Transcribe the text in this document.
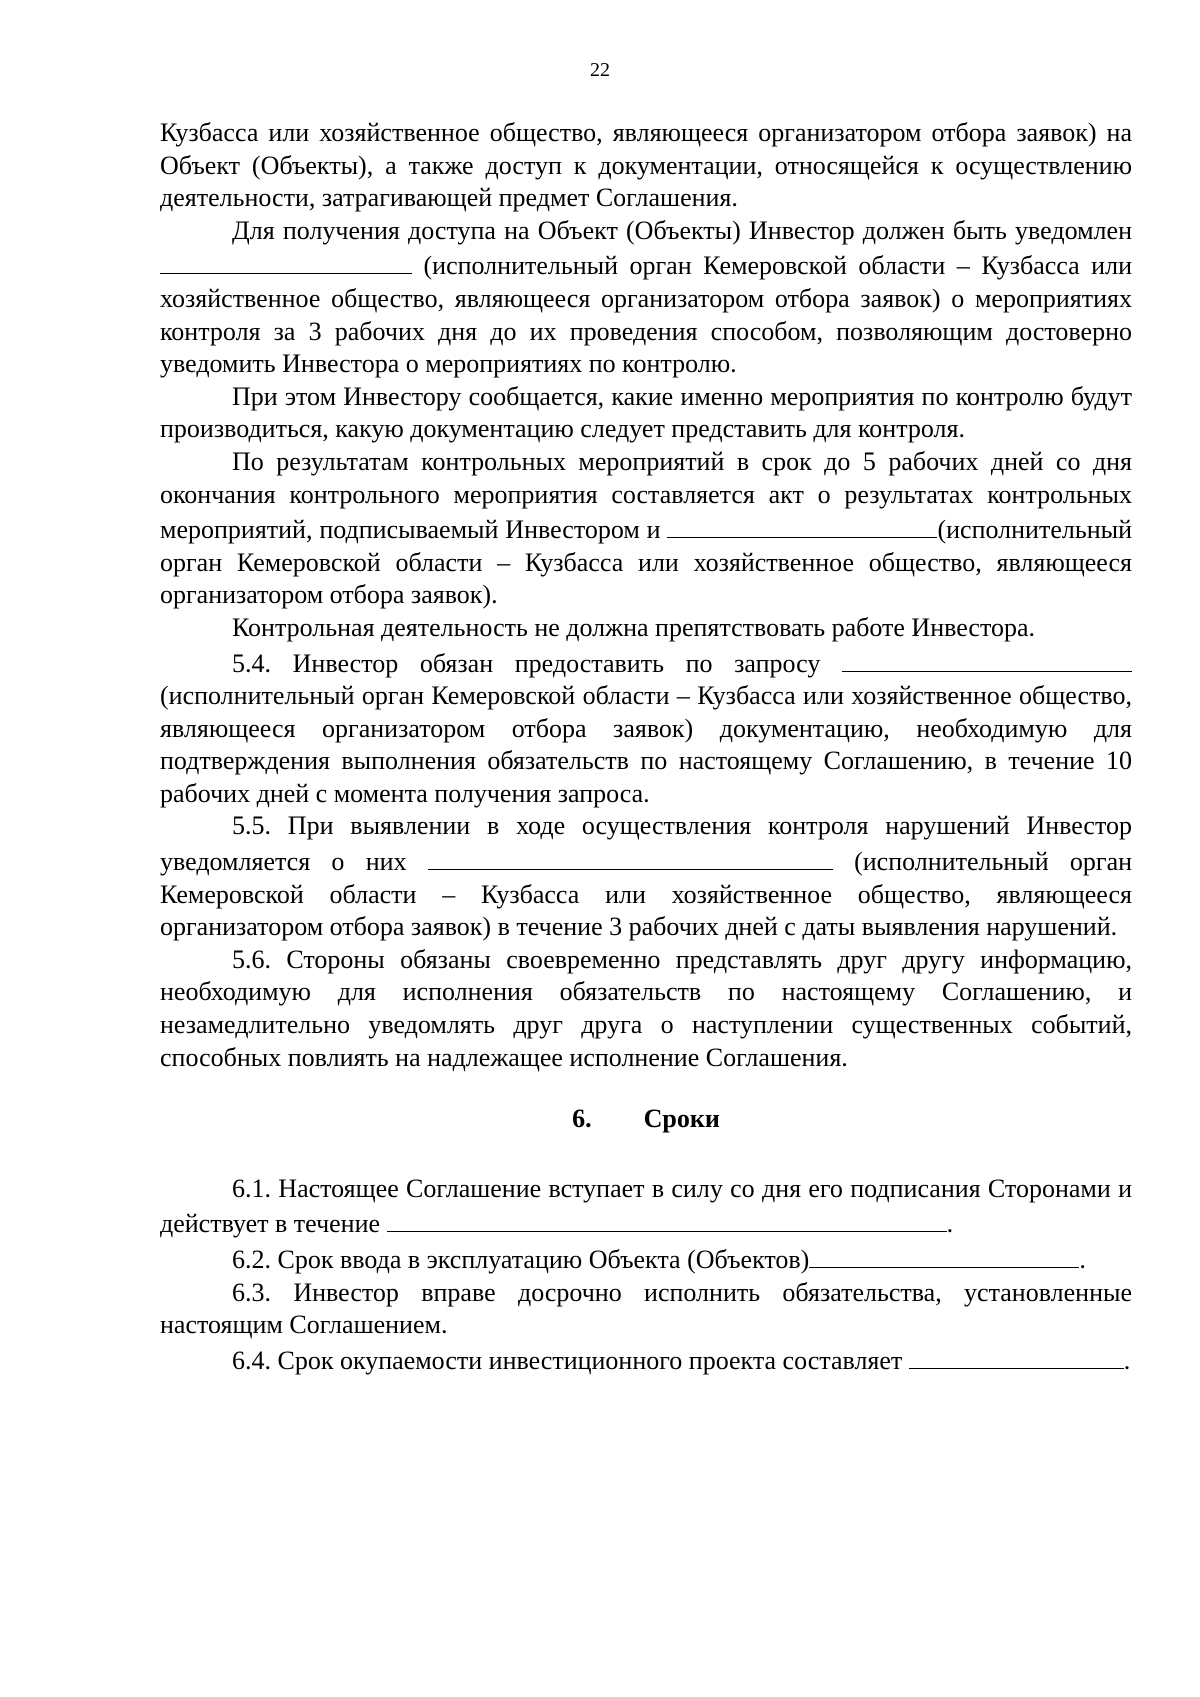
22

Кузбасса или хозяйственное общество, являющееся организатором отбора заявок) на Объект (Объекты), а также доступ к документации, относящейся к осуществлению деятельности, затрагивающей предмет Соглашения.

Для получения доступа на Объект (Объекты) Инвестор должен быть уведомлен  (исполнительный орган Кемеровской области – Кузбасса или хозяйственное общество, являющееся организатором отбора заявок) о мероприятиях контроля за 3 рабочих дня до их проведения способом, позволяющим достоверно уведомить Инвестора о мероприятиях по контролю.

При этом Инвестору сообщается, какие именно мероприятия по контролю будут производиться, какую документацию следует представить для контроля.

По результатам контрольных мероприятий в срок до 5 рабочих дней со дня окончания контрольного мероприятия составляется акт о результатах контрольных мероприятий, подписываемый Инвестором и	(исполнительный орган Кемеровской области – Кузбасса или хозяйственное общество, являющееся организатором отбора заявок).

Контрольная деятельность не должна препятствовать работе Инвестора.

5.4. Инвестор обязан предоставить по запросу  (исполнительный орган Кемеровской области – Кузбасса или хозяйственное общество, являющееся организатором отбора заявок) документацию, необходимую для подтверждения выполнения обязательств по настоящему Соглашению, в течение 10 рабочих дней с момента получения запроса.

5.5. При выявлении в ходе осуществления контроля нарушений Инвестор уведомляется о них	(исполнительный орган Кемеровской области – Кузбасса или хозяйственное общество, являющееся организатором отбора заявок) в течение 3 рабочих дней с даты выявления нарушений.

5.6. Стороны обязаны своевременно представлять друг другу информацию, необходимую для исполнения обязательств по настоящему Соглашению, и незамедлительно уведомлять друг друга о наступлении существенных событий, способных повлиять на надлежащее исполнение Соглашения.

6. Сроки

6.1. Настоящее Соглашение вступает в силу со дня его подписания Сторонами и действует в течение	.

6.2. Срок ввода в эксплуатацию Объекта (Объектов)	.

6.3. Инвестор вправе досрочно исполнить обязательства, установленные настоящим Соглашением.

6.4. Срок окупаемости инвестиционного проекта составляет	.
